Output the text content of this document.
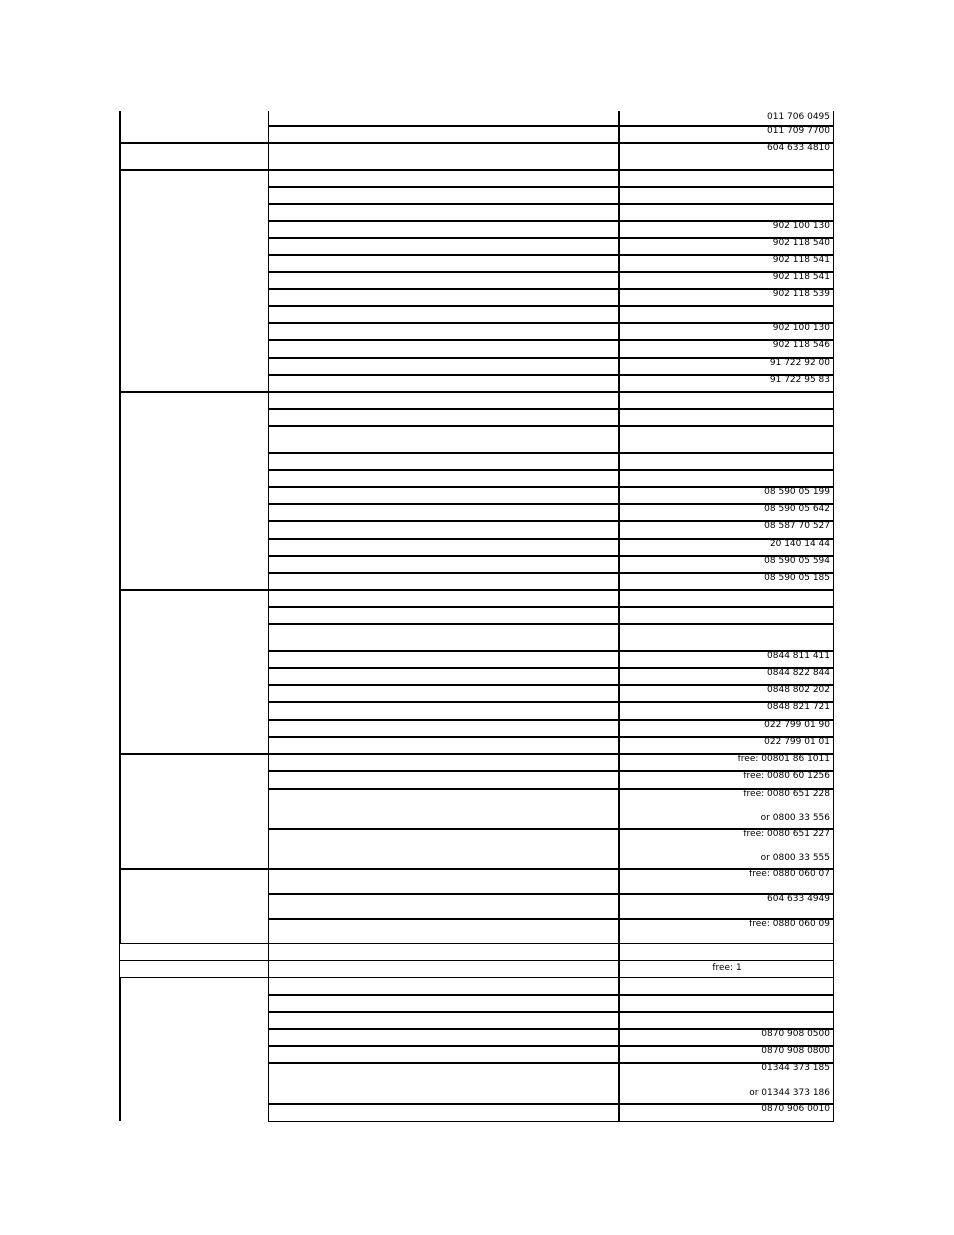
011 706 0495
011 709 7700
604 633 4810
902 100 130
902 118 540
902 118 541
902 118 541
902 118 539
902 100 130
902 118 546
91 722 92 00
91 722 95 83
08 590 05 199
08 590 05 642
08 587 70 527
20 140 14 44
08 590 05 594
08 590 05 185
0844 811 411
0844 822 844
0848 802 202
0848 821 721
022 799 01 90
022 799 01 01
free: 00801 86 1011
free: 0080 60 1256
free: 0080 651 228
or 0800 33 556
free: 0080 651 227
or 0800 33 555
free: 0880 060 07
604 633 4949
free: 0880 060 09
free: 1
0870 908 0500
0870 908 0800
01344 373 185
or 01344 373 186
0870 906 0010
